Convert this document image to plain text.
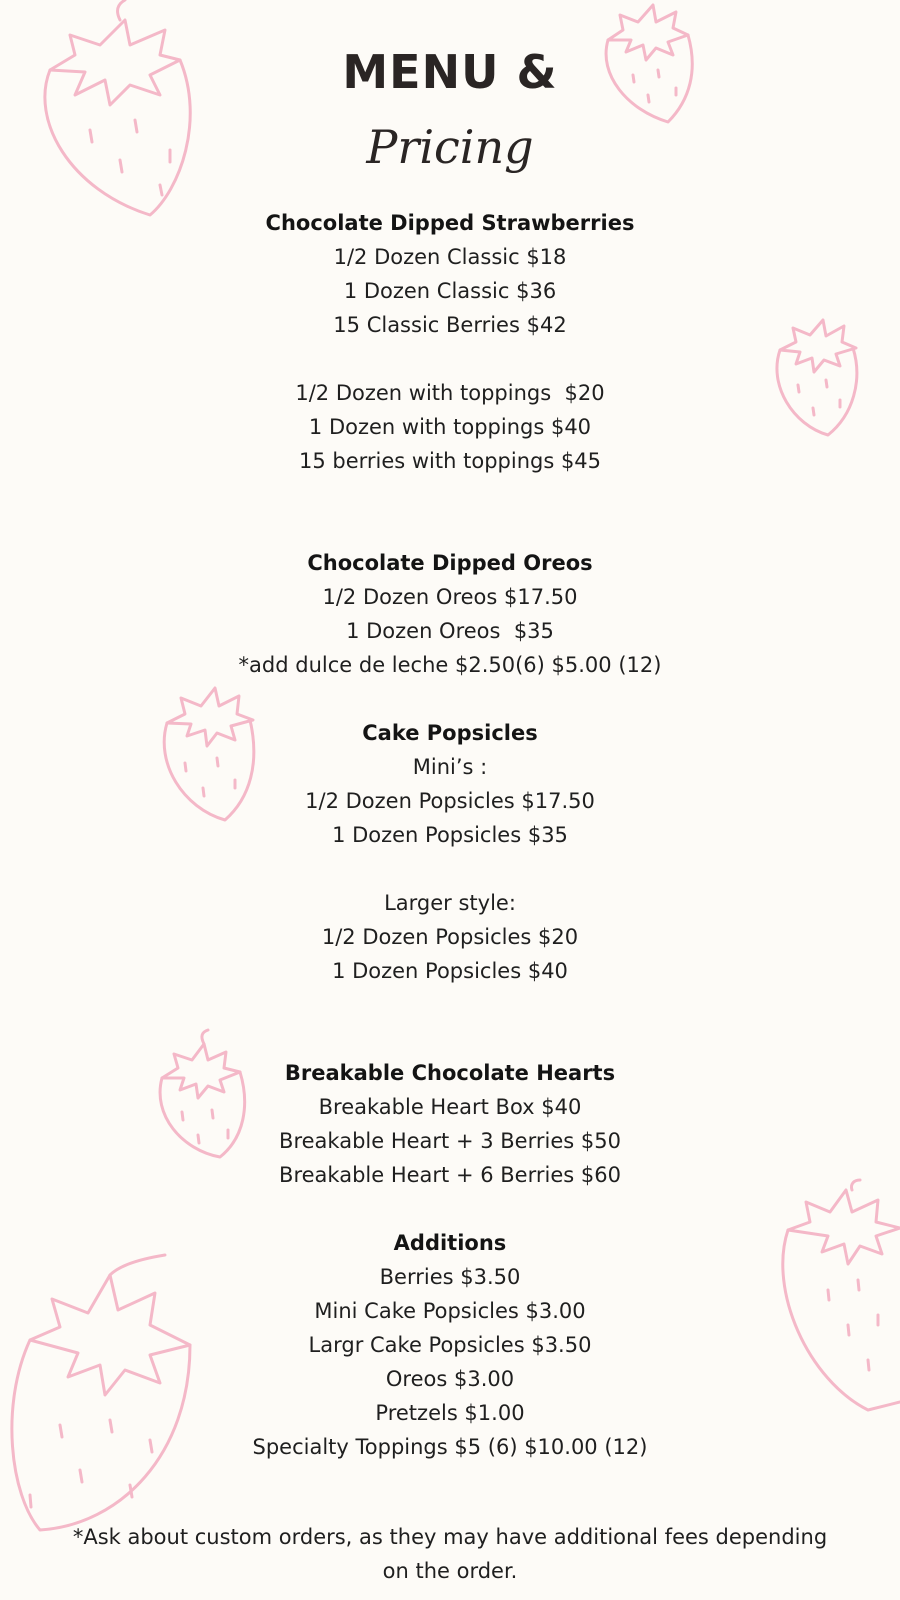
MENU &
Pricing
Chocolate Dipped Strawberries
1/2 Dozen Classic $18
1 Dozen Classic $36
15 Classic Berries $42
1/2 Dozen with toppings  $20
1 Dozen with toppings $40
15 berries with toppings $45
Chocolate Dipped Oreos
1/2 Dozen Oreos $17.50
1 Dozen Oreos  $35
*add dulce de leche $2.50(6) $5.00 (12)
Cake Popsicles
Mini’s :
1/2 Dozen Popsicles $17.50
1 Dozen Popsicles $35
Larger style:
1/2 Dozen Popsicles $20
1 Dozen Popsicles $40
Breakable Chocolate Hearts
Breakable Heart Box $40
Breakable Heart + 3 Berries $50
Breakable Heart + 6 Berries $60
Additions
Berries $3.50
Mini Cake Popsicles $3.00
Largr Cake Popsicles $3.50
Oreos $3.00
Pretzels $1.00
Specialty Toppings $5 (6) $10.00 (12)
*Ask about custom orders, as they may have additional fees depending on the order.
